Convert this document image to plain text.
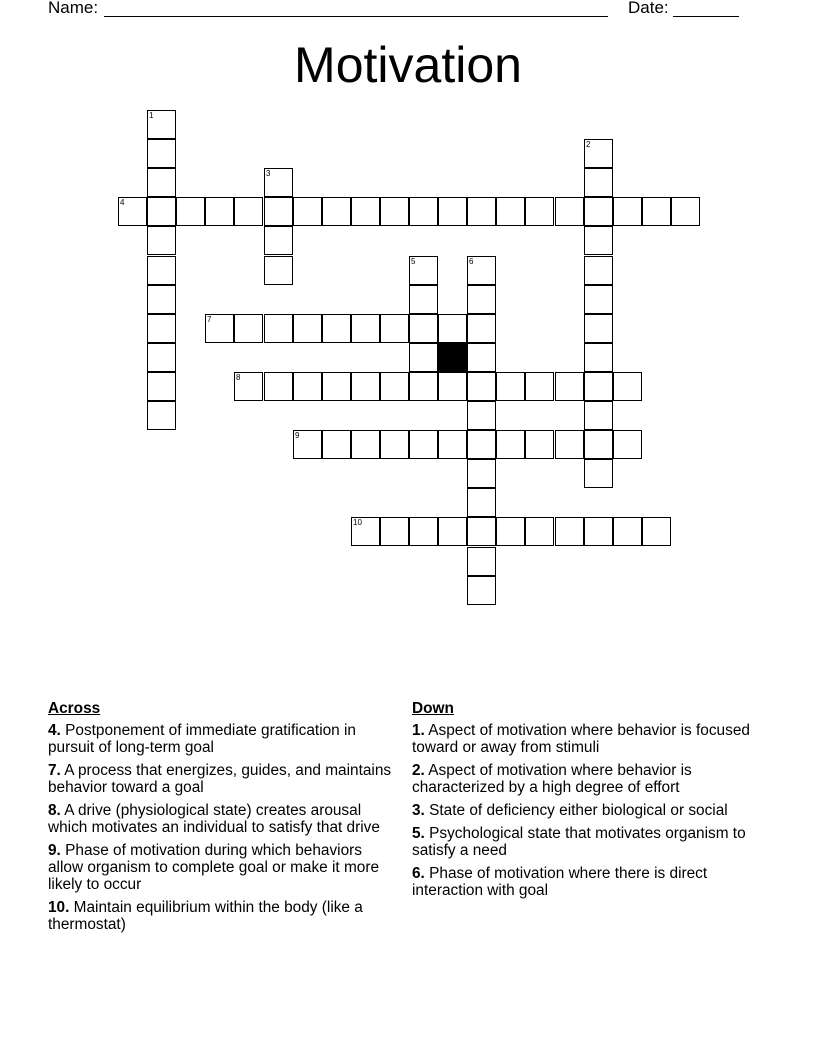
Name:	Date:
Motivation
1
2
3
4
5	6
7
8
9
10
Across
4. Postponement of immediate gratification in pursuit of long-term goal
7. A process that energizes, guides, and maintains behavior toward a goal
8. A drive (physiological state) creates arousal which motivates an individual to satisfy that drive
9. Phase of motivation during which behaviors allow organism to complete goal or make it more likely to occur
10. Maintain equilibrium within the body (like a thermostat)
Down
1. Aspect of motivation where behavior is focused toward or away from stimuli
2. Aspect of motivation where behavior is characterized by a high degree of effort
3. State of deficiency either biological or social
5. Psychological state that motivates organism to satisfy a need
6. Phase of motivation where there is direct interaction with goal
